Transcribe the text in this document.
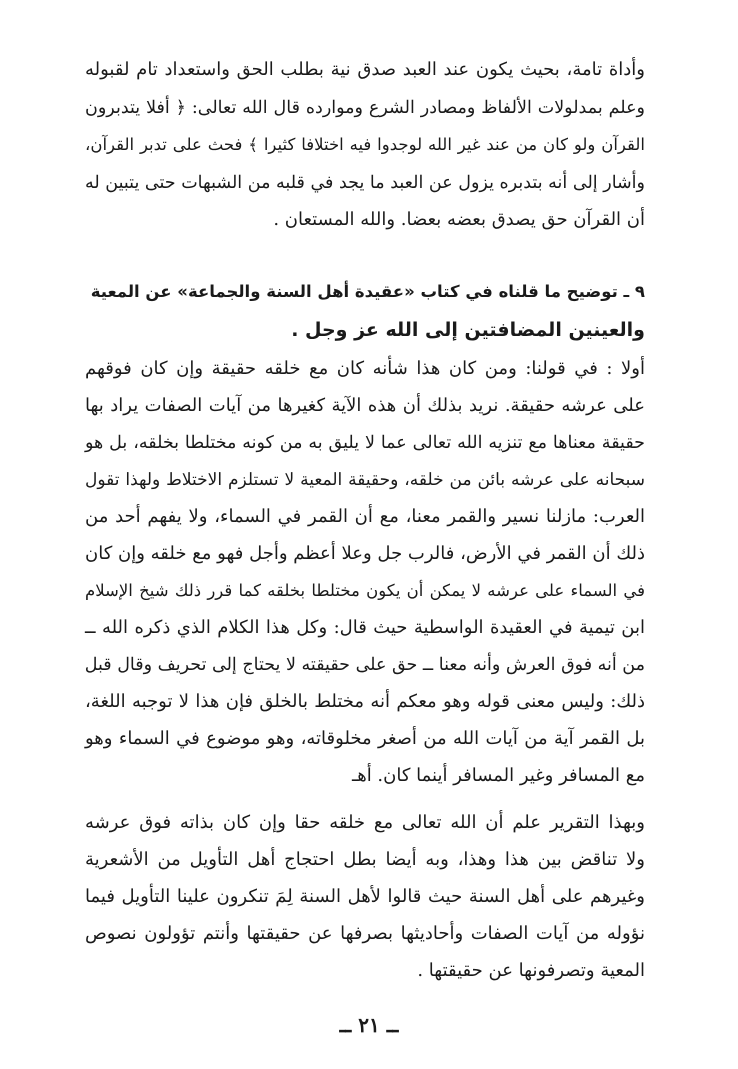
وأداة تامة، بحيث يكون عند العبد صدق نية بطلب الحق واستعداد تام لقبوله
وعلم بمدلولات الألفاظ ومصادر الشرع وموارده قال الله تعالى: ﴿ أفلا يتدبرون
القرآن ولو كان من عند غير الله لوجدوا فيه اختلافا كثيرا ﴾ فحث على تدبر القرآن،
وأشار إلى أنه بتدبره يزول عن العبد ما يجد في قلبه من الشبهات حتى يتبين له
أن القرآن حق يصدق بعضه بعضا. والله المستعان .
٩ ـ توضيح ما قلناه في كتاب «عقيدة أهل السنة والجماعة» عن المعية
والعينين المضافتين إلى الله عز وجل .
أولا : في قولنا: ومن كان هذا شأنه كان مع خلقه حقيقة وإن كان فوقهم
على عرشه حقيقة. نريد بذلك أن هذه الآية كغيرها من آيات الصفات يراد بها
حقيقة معناها مع تنزيه الله تعالى عما لا يليق به من كونه مختلطا بخلقه، بل هو
سبحانه على عرشه بائن من خلقه، وحقيقة المعية لا تستلزم الاختلاط ولهذا تقول
العرب: مازلنا نسير والقمر معنا، مع أن القمر في السماء، ولا يفهم أحد من
ذلك أن القمر في الأرض، فالرب جل وعلا أعظم وأجل فهو مع خلقه وإن كان
في السماء على عرشه لا يمكن أن يكون مختلطا بخلقه كما قرر ذلك شيخ الإسلام
ابن تيمية في العقيدة الواسطية حيث قال: وكل هذا الكلام الذي ذكره الله ــ
من أنه فوق العرش وأنه معنا ــ حق على حقيقته لا يحتاج إلى تحريف وقال قبل
ذلك: وليس معنى قوله وهو معكم أنه مختلط بالخلق فإن هذا لا توجبه اللغة،
بل القمر آية من آيات الله من أصغر مخلوقاته، وهو موضوع في السماء وهو
مع المسافر وغير المسافر أينما كان. أهـ
وبهذا التقرير علم أن الله تعالى مع خلقه حقا وإن كان بذاته فوق عرشه
ولا تناقض بين هذا وهذا، وبه أيضا بطل احتجاج أهل التأويل من الأشعرية
وغيرهم على أهل السنة حيث قالوا لأهل السنة لِمَ تنكرون علينا التأويل فيما
نؤوله من آيات الصفات وأحاديثها بصرفها عن حقيقتها وأنتم تؤولون نصوص
المعية وتصرفونها عن حقيقتها .
ــ ٢١ ــ
